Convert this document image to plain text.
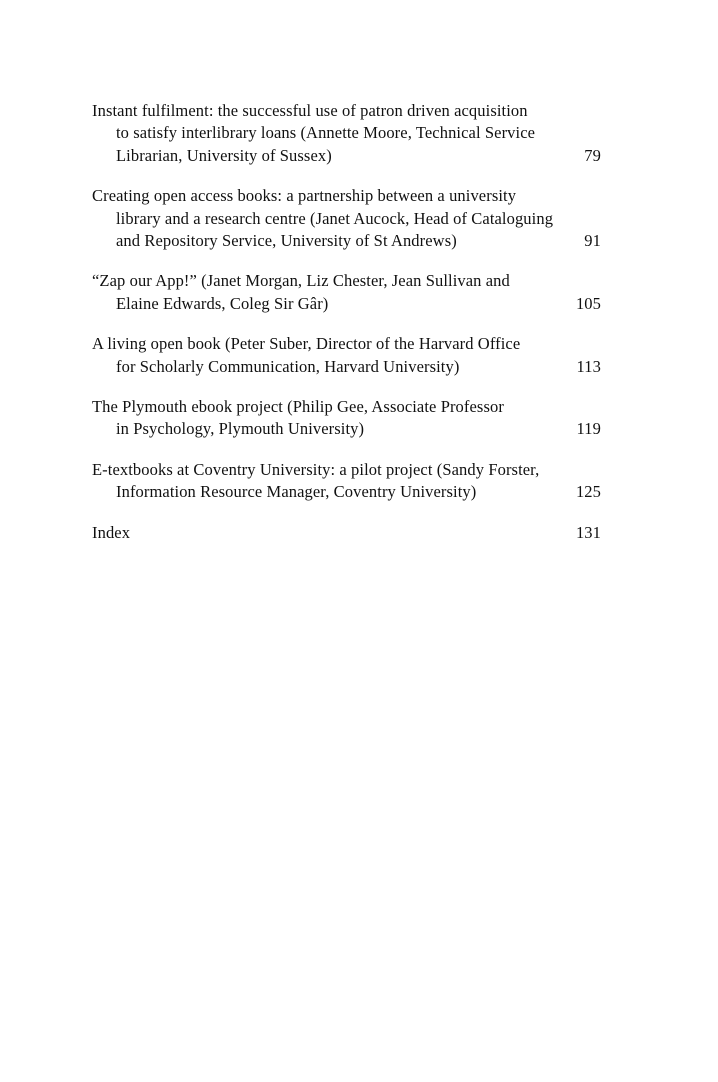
Instant fulfilment: the successful use of patron driven acquisition
to satisfy interlibrary loans (Annette Moore, Technical Service
Librarian, University of Sussex)	79
Creating open access books: a partnership between a university
library and a research centre (Janet Aucock, Head of Cataloguing
and Repository Service, University of St Andrews)	91
“Zap our App!” (Janet Morgan, Liz Chester, Jean Sullivan and
Elaine Edwards, Coleg Sir Gâr)	105
A living open book (Peter Suber, Director of the Harvard Office
for Scholarly Communication, Harvard University)	113
The Plymouth ebook project (Philip Gee, Associate Professor
in Psychology, Plymouth University)	119
E-textbooks at Coventry University: a pilot project (Sandy Forster,
Information Resource Manager, Coventry University)	125
Index	131
